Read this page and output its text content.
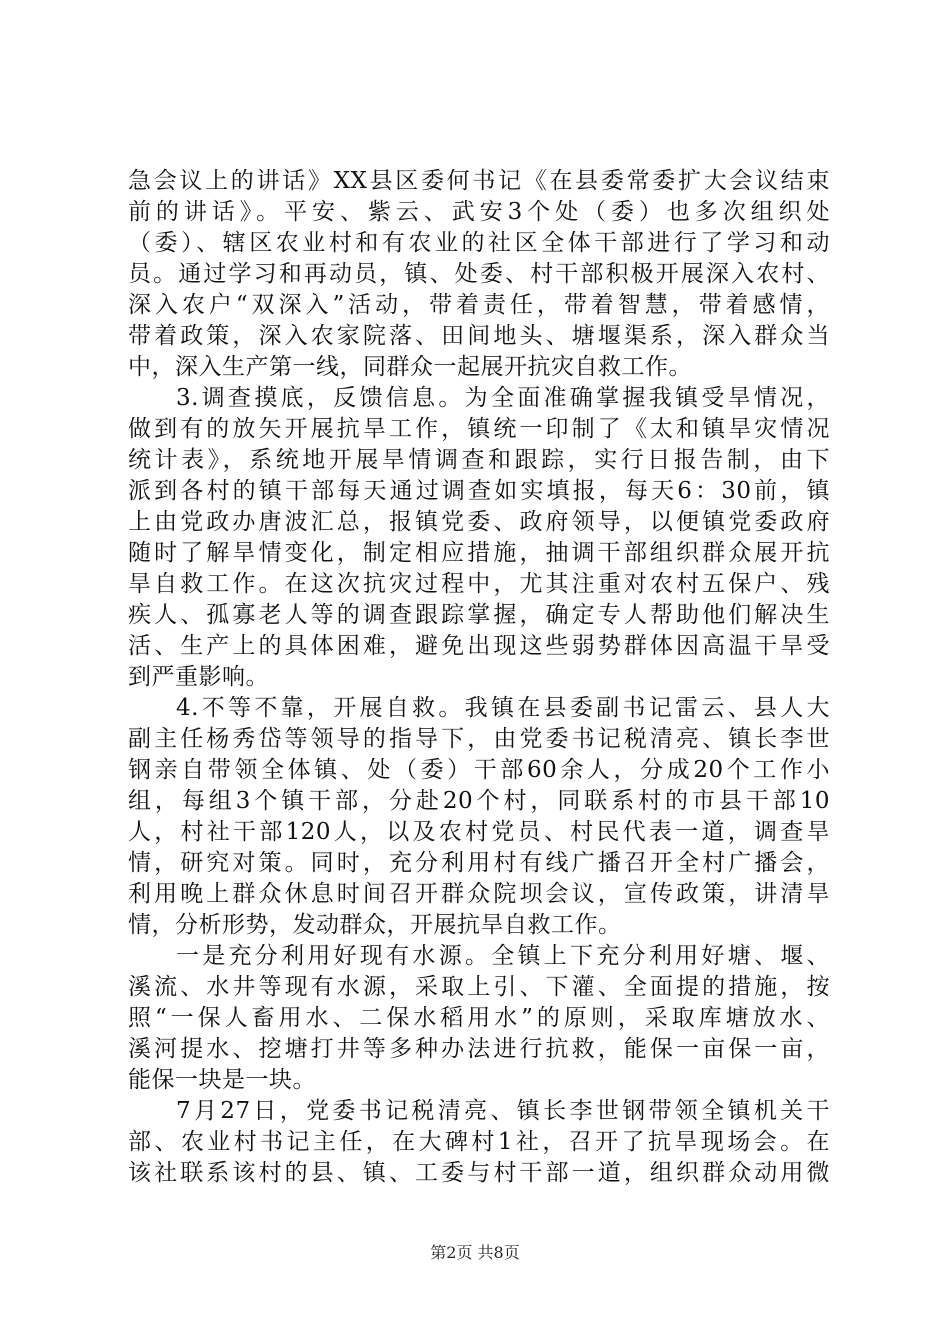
急会议上的讲话》XX县区委何书记《在县委常委扩大会议结束
前的讲话》。平安、紫云、武安3个处（委）也多次组织处
（委）、辖区农业村和有农业的社区全体干部进行了学习和动
员。通过学习和再动员，镇、处委、村干部积极开展深入农村、
深入农户“双深入”活动，带着责任，带着智慧，带着感情，
带着政策，深入农家院落、田间地头、塘堰渠系，深入群众当
中，深入生产第一线，同群众一起展开抗灾自救工作。
3.调查摸底，反馈信息。为全面准确掌握我镇受旱情况，
做到有的放矢开展抗旱工作，镇统一印制了《太和镇旱灾情况
统计表》，系统地开展旱情调查和跟踪，实行日报告制，由下
派到各村的镇干部每天通过调查如实填报，每天6：30前，镇
上由党政办唐波汇总，报镇党委、政府领导，以便镇党委政府
随时了解旱情变化，制定相应措施，抽调干部组织群众展开抗
旱自救工作。在这次抗灾过程中，尤其注重对农村五保户、残
疾人、孤寡老人等的调查跟踪掌握，确定专人帮助他们解决生
活、生产上的具体困难，避免出现这些弱势群体因高温干旱受
到严重影响。
4.不等不靠，开展自救。我镇在县委副书记雷云、县人大
副主任杨秀岱等领导的指导下，由党委书记税清亮、镇长李世
钢亲自带领全体镇、处（委）干部60余人，分成20个工作小
组，每组3个镇干部，分赴20个村，同联系村的市县干部10
人，村社干部120人，以及农村党员、村民代表一道，调查旱
情，研究对策。同时，充分利用村有线广播召开全村广播会，
利用晚上群众休息时间召开群众院坝会议，宣传政策，讲清旱
情，分析形势，发动群众，开展抗旱自救工作。
一是充分利用好现有水源。全镇上下充分利用好塘、堰、
溪流、水井等现有水源，采取上引、下灌、全面提的措施，按
照“一保人畜用水、二保水稻用水”的原则，采取库塘放水、
溪河提水、挖塘打井等多种办法进行抗救，能保一亩保一亩，
能保一块是一块。
7月27日，党委书记税清亮、镇长李世钢带领全镇机关干
部、农业村书记主任，在大碑村1社，召开了抗旱现场会。在
该社联系该村的县、镇、工委与村干部一道，组织群众动用微
第2页 共8页
